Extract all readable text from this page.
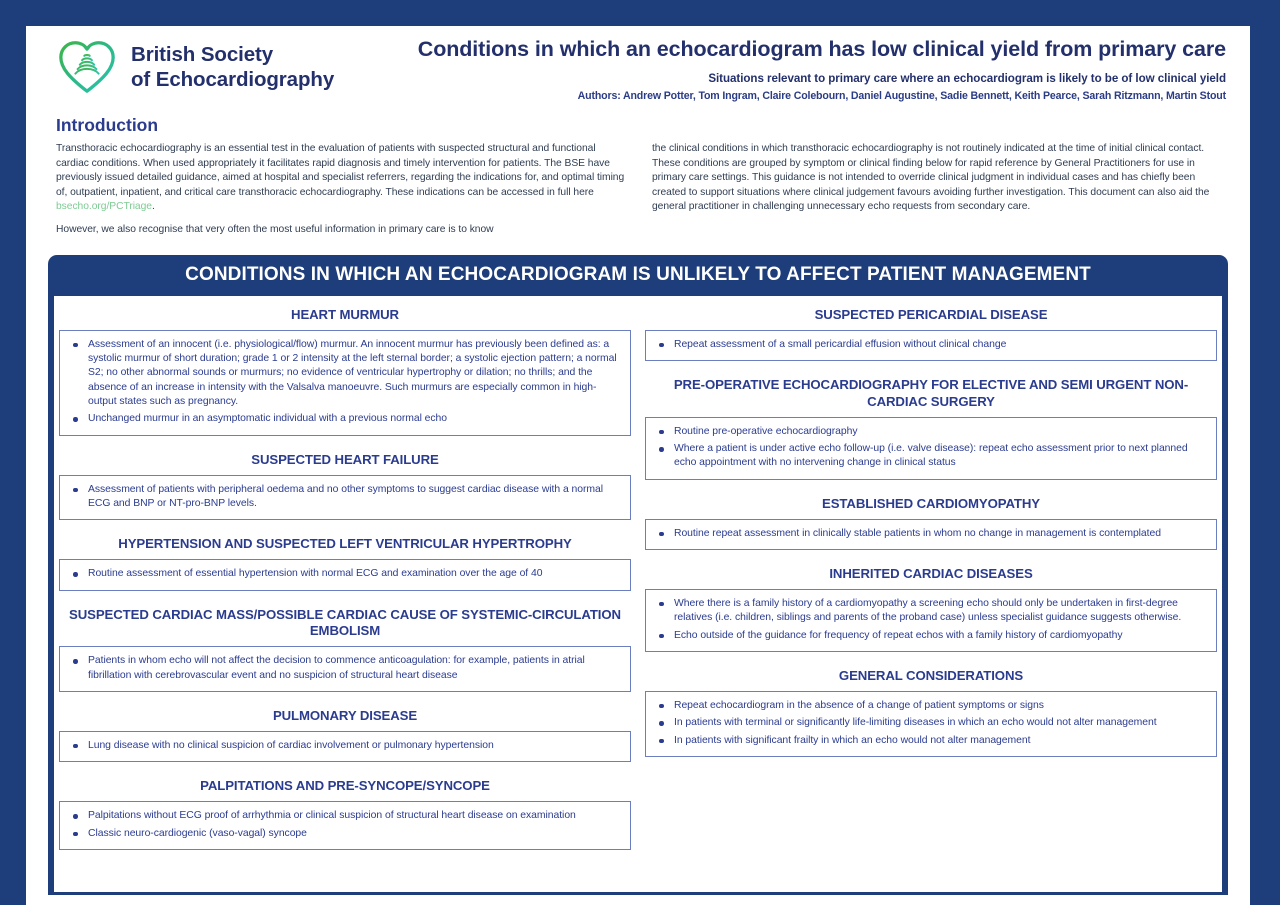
British Society
of Echocardiography
Conditions in which an echocardiogram has low clinical yield from primary care
Situations relevant to primary care where an echocardiogram is likely to be of low clinical yield
Authors: Andrew Potter, Tom Ingram, Claire Colebourn, Daniel Augustine, Sadie Bennett, Keith Pearce, Sarah Ritzmann, Martin Stout
Introduction

Transthoracic echocardiography is an essential test in the evaluation of patients with suspected structural and functional cardiac conditions. When used appropriately it facilitates rapid diagnosis and timely intervention for patients. The BSE have previously issued detailed guidance, aimed at hospital and specialist referrers, regarding the indications for, and optimal timing of, outpatient, inpatient, and critical care transthoracic echocardiography. These indications can be accessed in full here bsecho.org/PCTriage.

However, we also recognise that very often the most useful information in primary care is to know

the clinical conditions in which transthoracic echocardiography is not routinely indicated at the time of initial clinical contact. These conditions are grouped by symptom or clinical finding below for rapid reference by General Practitioners for use in primary care settings. This guidance is not intended to override clinical judgment in individual cases and has chiefly been created to support situations where clinical judgement favours avoiding further investigation. This document can also aid the general practitioner in challenging unnecessary echo requests from secondary care.

CONDITIONS IN WHICH AN ECHOCARDIOGRAM IS UNLIKELY TO AFFECT PATIENT MANAGEMENT
HEART MURMUR
Assessment of an innocent (i.e. physiological/flow) murmur. An innocent murmur has previously been defined as: a systolic murmur of short duration; grade 1 or 2 intensity at the left sternal border; a systolic ejection pattern; a normal S2; no other abnormal sounds or murmurs; no evidence of ventricular hypertrophy or dilation; no thrills; and the absence of an increase in intensity with the Valsalva manoeuvre. Such murmurs are especially common in high-output states such as pregnancy.
Unchanged murmur in an asymptomatic individual with a previous normal echo
SUSPECTED HEART FAILURE
Assessment of patients with peripheral oedema and no other symptoms to suggest cardiac disease with a normal ECG and BNP or NT-pro-BNP levels.
HYPERTENSION AND SUSPECTED LEFT VENTRICULAR HYPERTROPHY
Routine assessment of essential hypertension with normal ECG and examination over the age of 40
SUSPECTED CARDIAC MASS/POSSIBLE CARDIAC CAUSE OF SYSTEMIC-CIRCULATION EMBOLISM
Patients in whom echo will not affect the decision to commence anticoagulation: for example, patients in atrial fibrillation with cerebrovascular event and no suspicion of structural heart disease
PULMONARY DISEASE
Lung disease with no clinical suspicion of cardiac involvement or pulmonary hypertension
PALPITATIONS AND PRE-SYNCOPE/SYNCOPE
Palpitations without ECG proof of arrhythmia or clinical suspicion of structural heart disease on examination
Classic neuro-cardiogenic (vaso-vagal) syncope
SUSPECTED PERICARDIAL DISEASE
Repeat assessment of a small pericardial effusion without clinical change
PRE-OPERATIVE ECHOCARDIOGRAPHY FOR ELECTIVE AND SEMI URGENT NON-CARDIAC SURGERY
Routine pre-operative echocardiography
Where a patient is under active echo follow-up (i.e. valve disease): repeat echo assessment prior to next planned echo appointment with no intervening change in clinical status
ESTABLISHED CARDIOMYOPATHY
Routine repeat assessment in clinically stable patients in whom no change in management is contemplated
INHERITED CARDIAC DISEASES
Where there is a family history of a cardiomyopathy a screening echo should only be undertaken in first-degree relatives (i.e. children, siblings and parents of the proband case) unless specialist guidance suggests otherwise.
Echo outside of the guidance for frequency of repeat echos with a family history of cardiomyopathy
GENERAL CONSIDERATIONS
Repeat echocardiogram in the absence of a change of patient symptoms or signs
In patients with terminal or significantly life-limiting diseases in which an echo would not alter management
In patients with significant frailty in which an echo would not alter management
